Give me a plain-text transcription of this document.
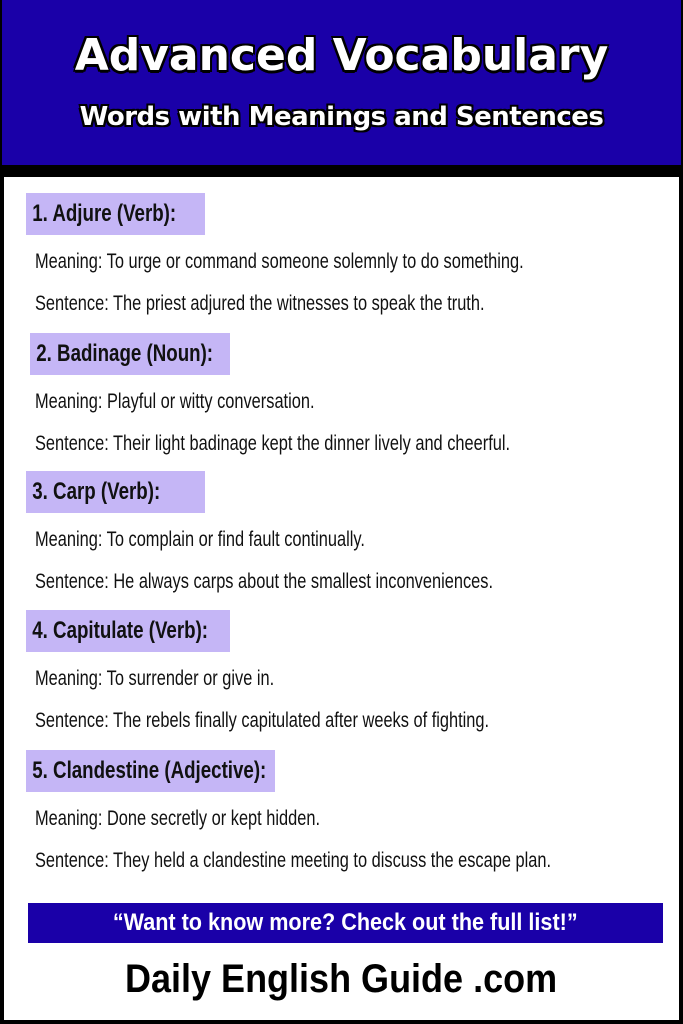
Advanced Vocabulary
Words with Meanings and Sentences
1. Adjure (Verb):
Meaning: To urge or command someone solemnly to do something.
Sentence: The priest adjured the witnesses to speak the truth.
2. Badinage (Noun):
Meaning: Playful or witty conversation.
Sentence: Their light badinage kept the dinner lively and cheerful.
3. Carp (Verb):
Meaning: To complain or find fault continually.
Sentence: He always carps about the smallest inconveniences.
4. Capitulate (Verb):
Meaning: To surrender or give in.
Sentence: The rebels finally capitulated after weeks of fighting.
5. Clandestine (Adjective):
Meaning: Done secretly or kept hidden.
Sentence: They held a clandestine meeting to discuss the escape plan.
“Want to know more? Check out the full list!”
Daily English Guide .com
